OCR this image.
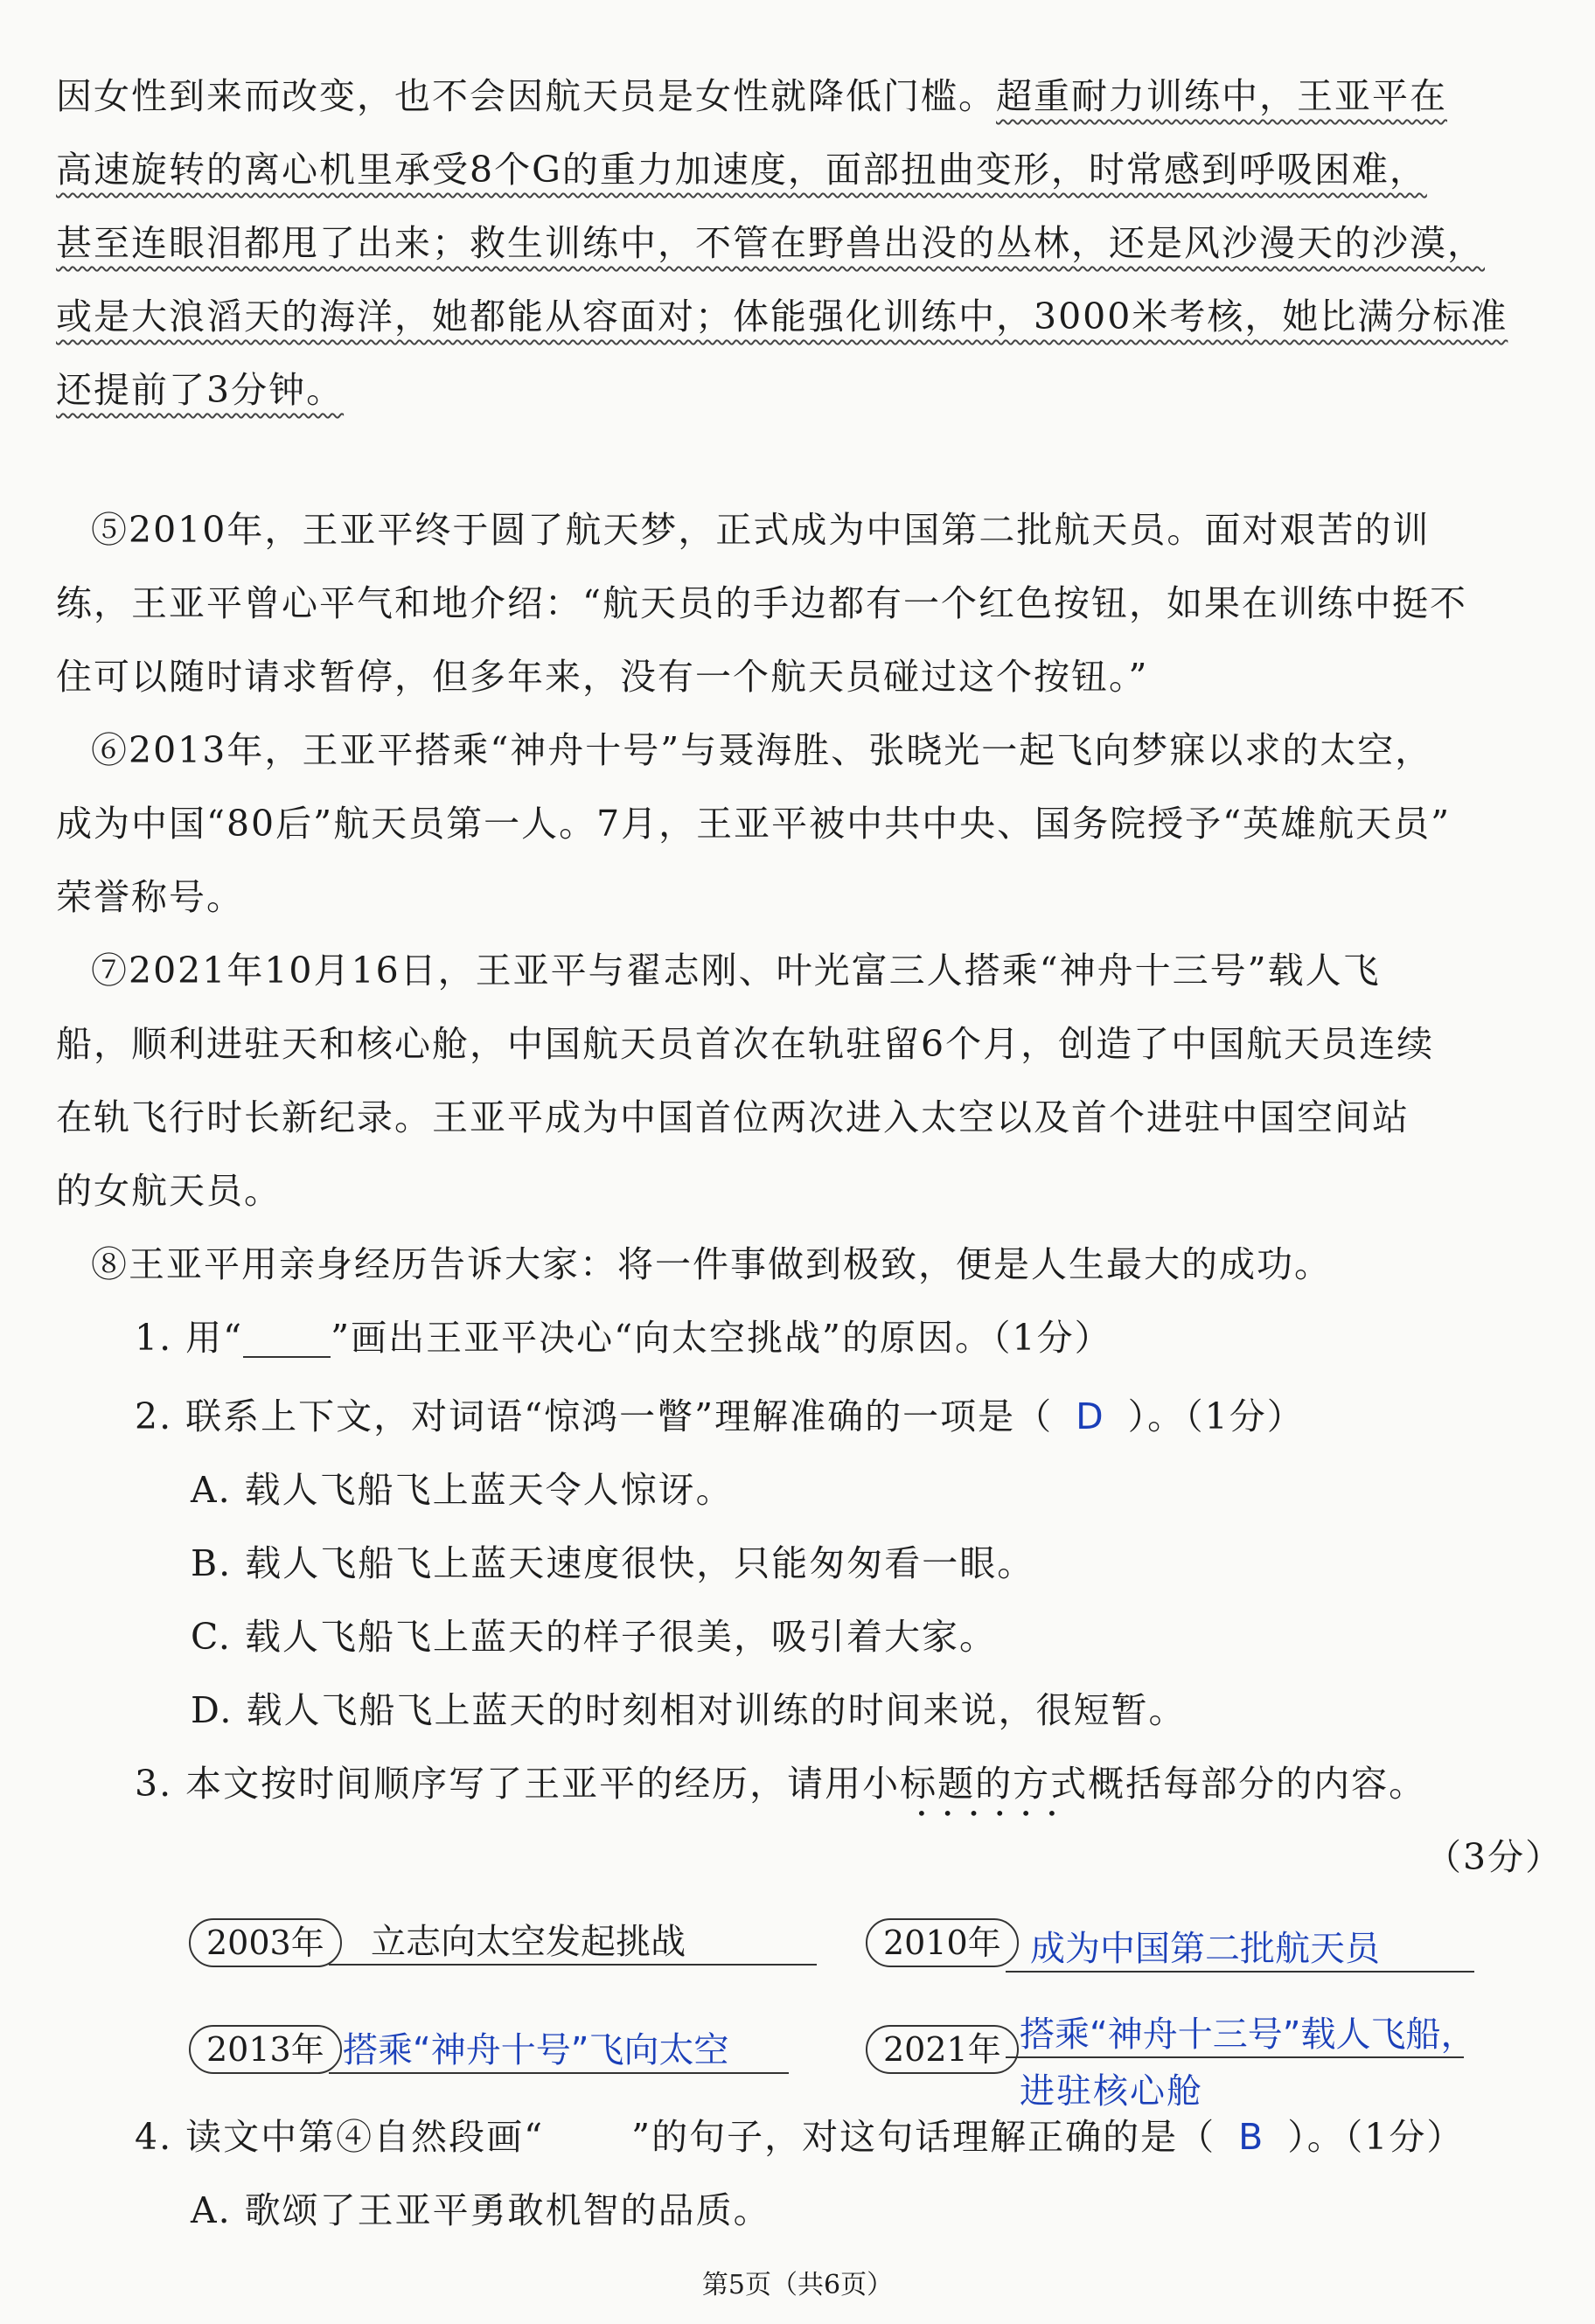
因女性到来而改变，也不会因航天员是女性就降低门槛。超重耐力训练中，王亚平在
高速旋转的离心机里承受8个G的重力加速度，面部扭曲变形，时常感到呼吸困难，
甚至连眼泪都甩了出来；救生训练中，不管在野兽出没的丛林，还是风沙漫天的沙漠，
或是大浪滔天的海洋，她都能从容面对；体能强化训练中，3000米考核，她比满分标准
还提前了3分钟。
⑤2010年，王亚平终于圆了航天梦，正式成为中国第二批航天员。面对艰苦的训
练，王亚平曾心平气和地介绍：“航天员的手边都有一个红色按钮，如果在训练中挺不
住可以随时请求暂停，但多年来，没有一个航天员碰过这个按钮。”
⑥2013年，王亚平搭乘“神舟十号”与聂海胜、张晓光一起飞向梦寐以求的太空，
成为中国“80后”航天员第一人。7月，王亚平被中共中央、国务院授予“英雄航天员”
荣誉称号。
⑦2021年10月16日，王亚平与翟志刚、叶光富三人搭乘“神舟十三号”载人飞
船，顺利进驻天和核心舱，中国航天员首次在轨驻留6个月，创造了中国航天员连续
在轨飞行时长新纪录。王亚平成为中国首位两次进入太空以及首个进驻中国空间站
的女航天员。
⑧王亚平用亲身经历告诉大家：将一件事做到极致，便是人生最大的成功。
1. 用“ ”画出王亚平决心“向太空挑战”的原因。（1分）
2. 联系上下文，对词语“惊鸿一瞥”理解准确的一项是（ D ）。（1分）
A. 载人飞船飞上蓝天令人惊讶。
B. 载人飞船飞上蓝天速度很快，只能匆匆看一眼。
C. 载人飞船飞上蓝天的样子很美，吸引着大家。
D. 载人飞船飞上蓝天的时刻相对训练的时间来说，很短暂。
3. 本文按时间顺序写了王亚平的经历，请用小标题的方式概括每部分的内容。
••••••
（3分）
2003年	立志向太空发起挑战	2010年 成为中国第二批航天员
2013年 搭乘“神舟十号”飞向太空	2021年 搭乘“神舟十三号”载人飞船，
进驻核心舱
4. 读文中第④自然段画“ ”的句子，对这句话理解正确的是（ B ）。（1分）
A. 歌颂了王亚平勇敢机智的品质。
第5页（共6页）
